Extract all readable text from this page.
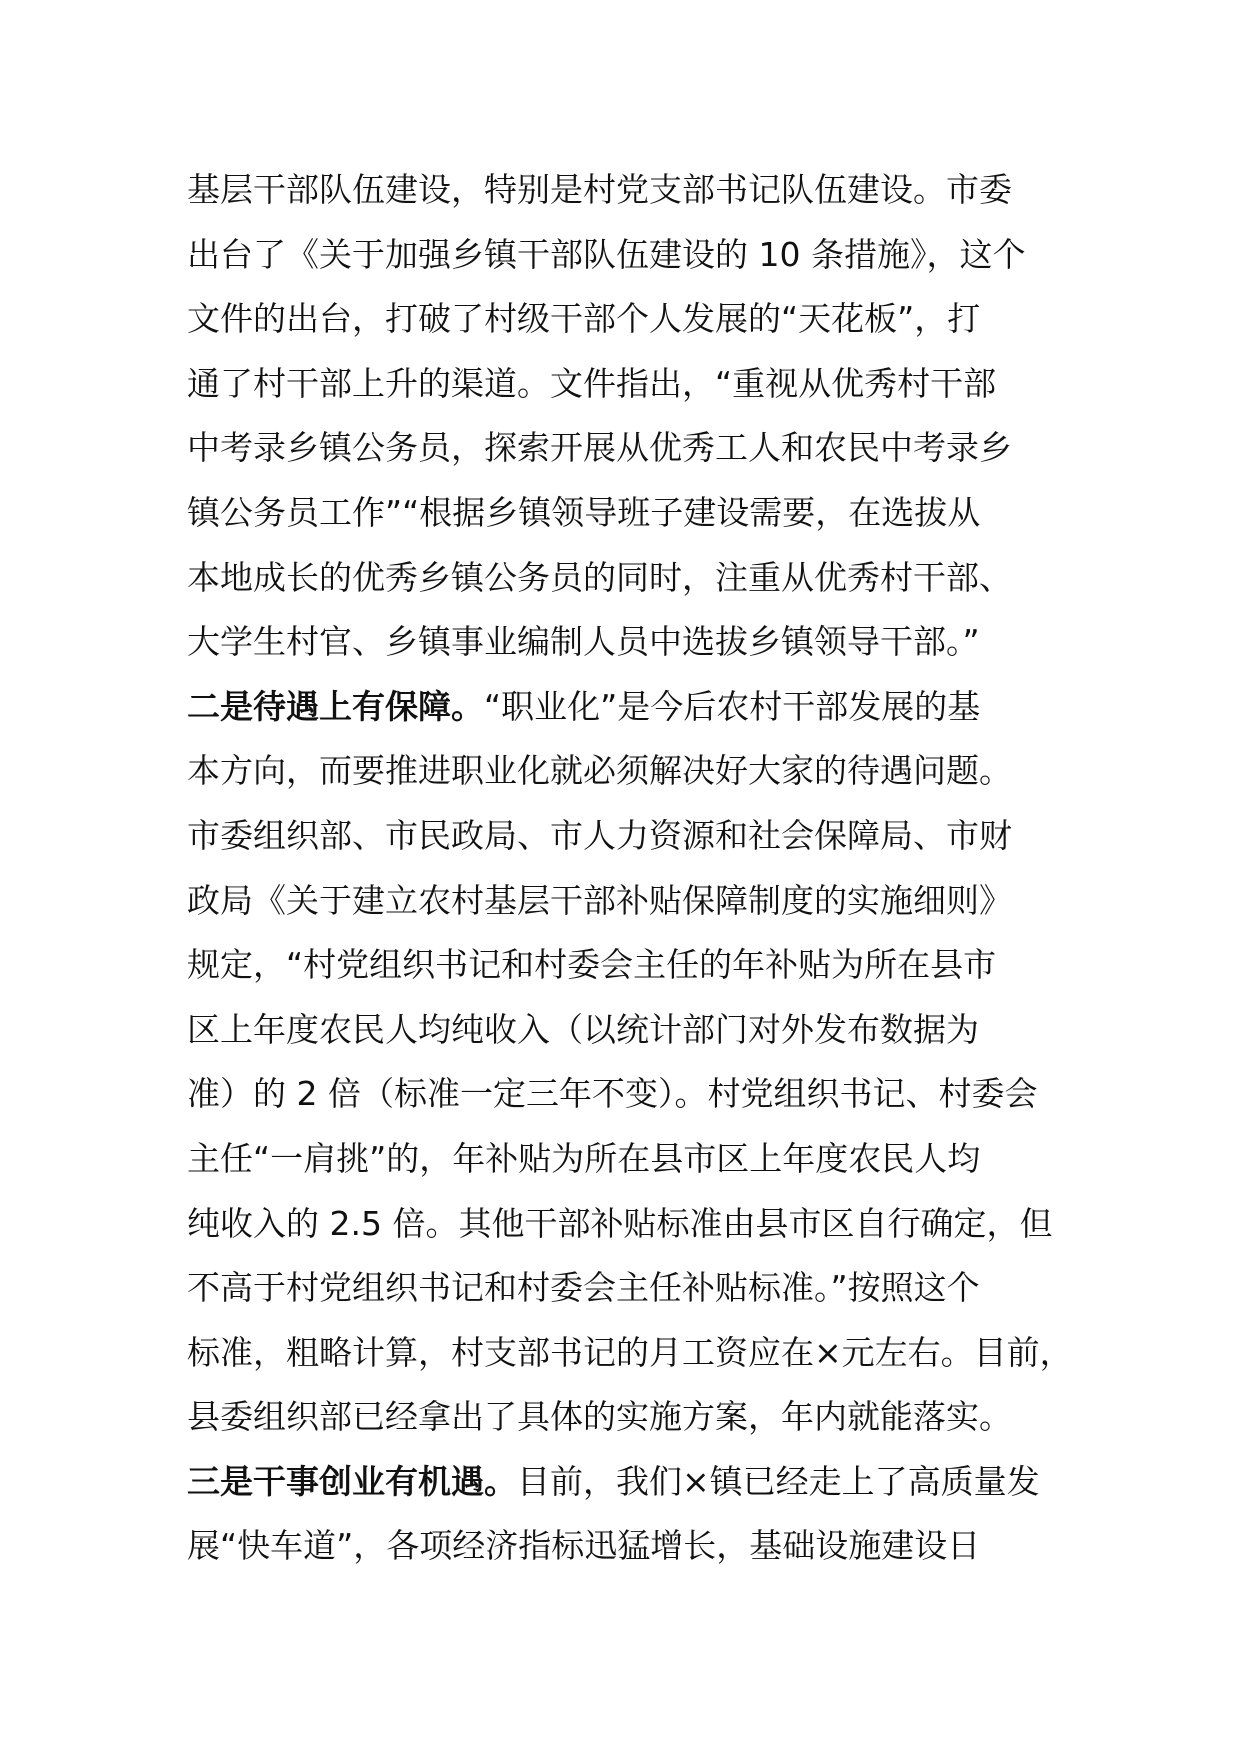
基层干部队伍建设，特别是村党支部书记队伍建设。市委
出台了《关于加强乡镇干部队伍建设的 10 条措施》，这个
文件的出台，打破了村级干部个人发展的“天花板”，打
通了村干部上升的渠道。文件指出，“重视从优秀村干部
中考录乡镇公务员，探索开展从优秀工人和农民中考录乡
镇公务员工作”“根据乡镇领导班子建设需要，在选拔从
本地成长的优秀乡镇公务员的同时，注重从优秀村干部、
大学生村官、乡镇事业编制人员中选拔乡镇领导干部。”
二是待遇上有保障。“职业化”是今后农村干部发展的基
本方向，而要推进职业化就必须解决好大家的待遇问题。
市委组织部、市民政局、市人力资源和社会保障局、市财
政局《关于建立农村基层干部补贴保障制度的实施细则》
规定，“村党组织书记和村委会主任的年补贴为所在县市
区上年度农民人均纯收入（以统计部门对外发布数据为
准）的 2 倍（标准一定三年不变）。村党组织书记、村委会
主任“一肩挑”的，年补贴为所在县市区上年度农民人均
纯收入的 2.5 倍。其他干部补贴标准由县市区自行确定，但
不高于村党组织书记和村委会主任补贴标准。”按照这个
标准，粗略计算，村支部书记的月工资应在×元左右。目前，
县委组织部已经拿出了具体的实施方案，年内就能落实。
三是干事创业有机遇。目前，我们×镇已经走上了高质量发
展“快车道”，各项经济指标迅猛增长，基础设施建设日
